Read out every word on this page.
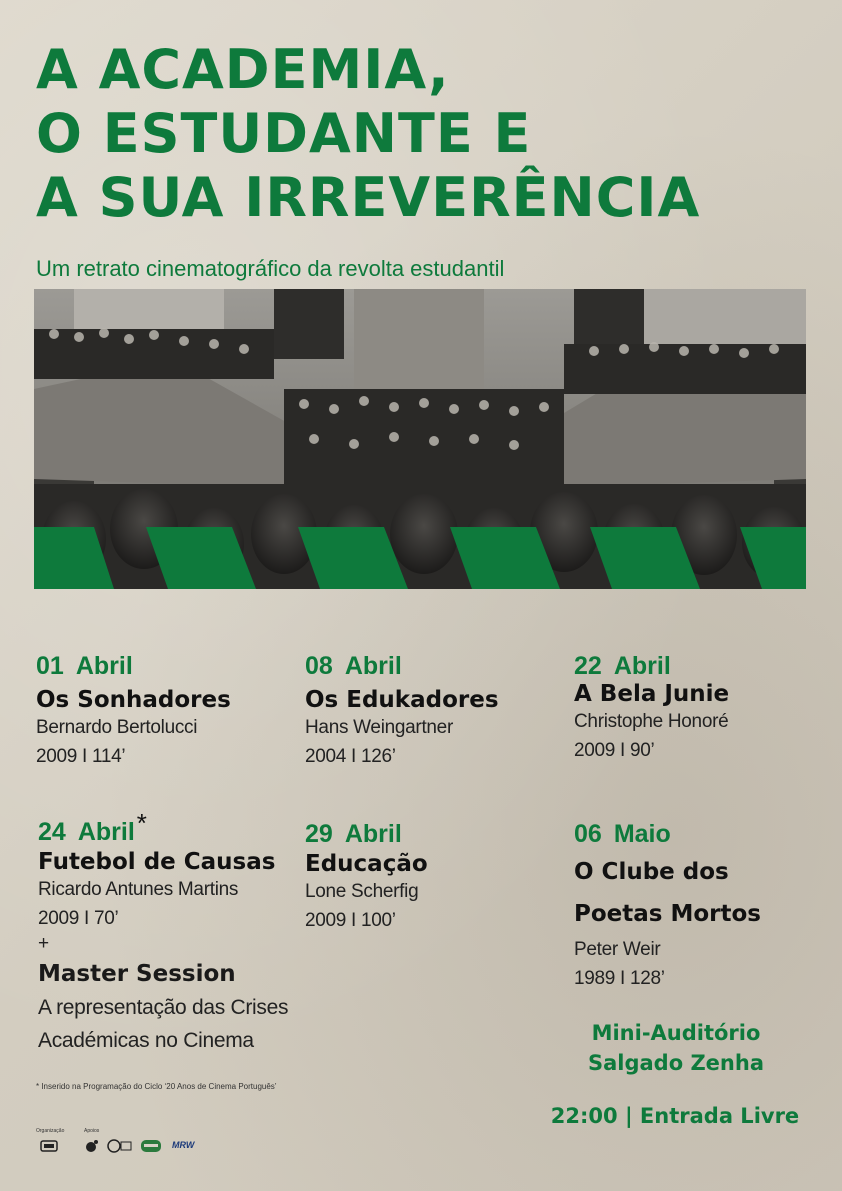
A ACADEMIA,
O ESTUDANTE E
A SUA IRREVERÊNCIA
Um retrato cinematográfico da revolta estudantil
01 Abril
Os Sonhadores
Bernardo Bertolucci
2009 I 114’
08 Abril
Os Edukadores
Hans Weingartner
2004 I 126’
22 Abril
A Bela Junie
Christophe Honoré
2009 I 90’
24 Abril*
Futebol de Causas
Ricardo Antunes Martins
2009 I 70’
+
Master Session
A representação das Crises
Académicas no Cinema
29 Abril
Educação
Lone Scherfig
2009 I 100’
06 Maio
O Clube dos
Poetas Mortos
Peter Weir
1989 I 128’
* Inserido na Programação do Ciclo ‘20 Anos de Cinema Português’
Mini-Auditório
Salgado Zenha
22:00 | Entrada Livre
Organização	Apoios
MRW
